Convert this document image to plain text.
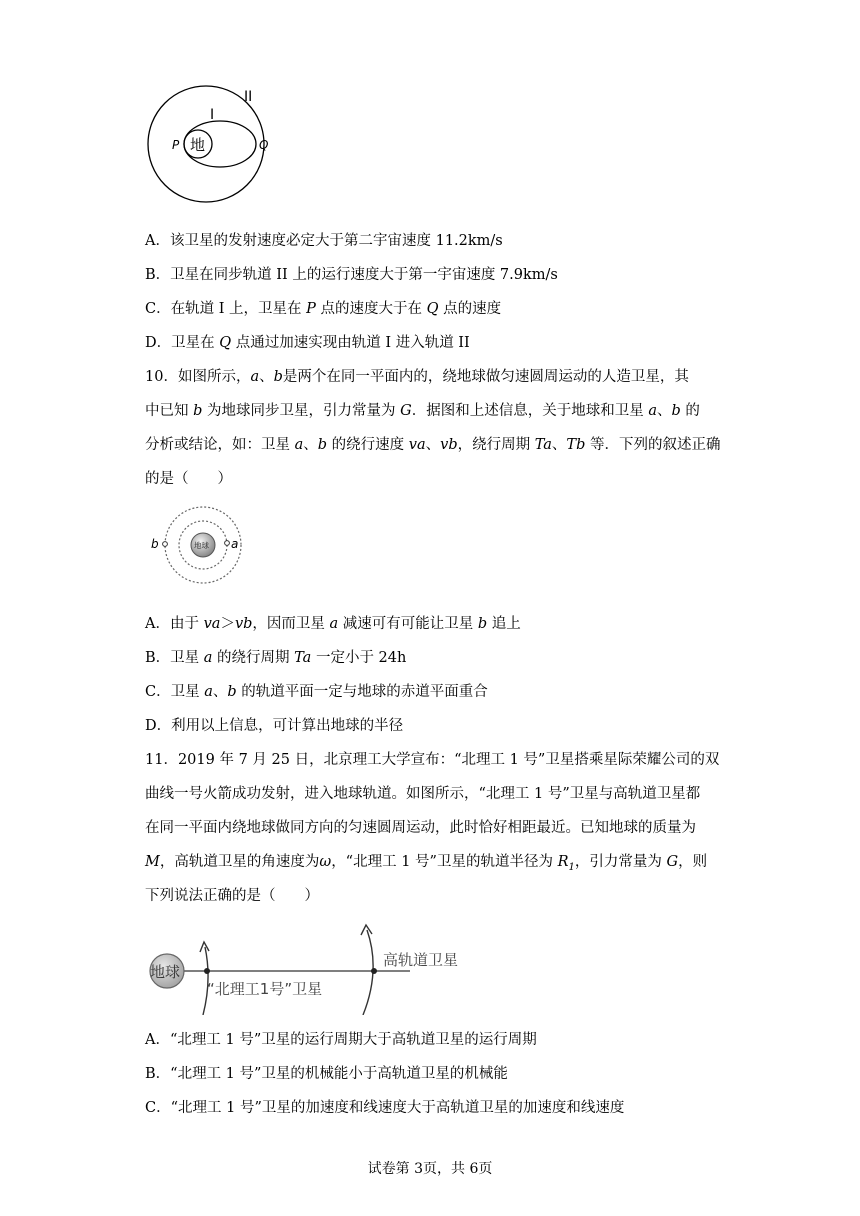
地
I
II
P	Q
A．该卫星的发射速度必定大于第二宇宙速度 11.2km/s
B．卫星在同步轨道 II 上的运行速度大于第一宇宙速度 7.9km/s
C．在轨道 I 上，卫星在 P 点的速度大于在 Q 点的速度
D．卫星在 Q 点通过加速实现由轨道 I 进入轨道 II
10．如图所示，a、b是两个在同一平面内的，绕地球做匀速圆周运动的人造卫星，其
中已知 b 为地球同步卫星，引力常量为 G．据图和上述信息，关于地球和卫星 a、b 的
分析或结论，如：卫星 a、b 的绕行速度 va、vb，绕行周期 Ta、Tb 等．下列的叙述正确
的是（　　）
地球 a
b
A．由于 va＞vb，因而卫星 a 减速可有可能让卫星 b 追上
B．卫星 a 的绕行周期 Ta 一定小于 24h
C．卫星 a、b 的轨道平面一定与地球的赤道平面重合
D．利用以上信息，可计算出地球的半径
11．2019 年 7 月 25 日，北京理工大学宣布：“北理工 1 号”卫星搭乘星际荣耀公司的双
曲线一号火箭成功发射，进入地球轨道。如图所示，“北理工 1 号”卫星与高轨道卫星都
在同一平面内绕地球做同方向的匀速圆周运动，此时恰好相距最近。已知地球的质量为
M，高轨道卫星的角速度为ω，“北理工 1 号”卫星的轨道半径为 $R_1$，引力常量为 G，则
下列说法正确的是（　　）
地球
“北理工1号”卫星
高轨道卫星
A．“北理工 1 号”卫星的运行周期大于高轨道卫星的运行周期
B．“北理工 1 号”卫星的机械能小于高轨道卫星的机械能
C．“北理工 1 号”卫星的加速度和线速度大于高轨道卫星的加速度和线速度
试卷第 3页，共 6页
